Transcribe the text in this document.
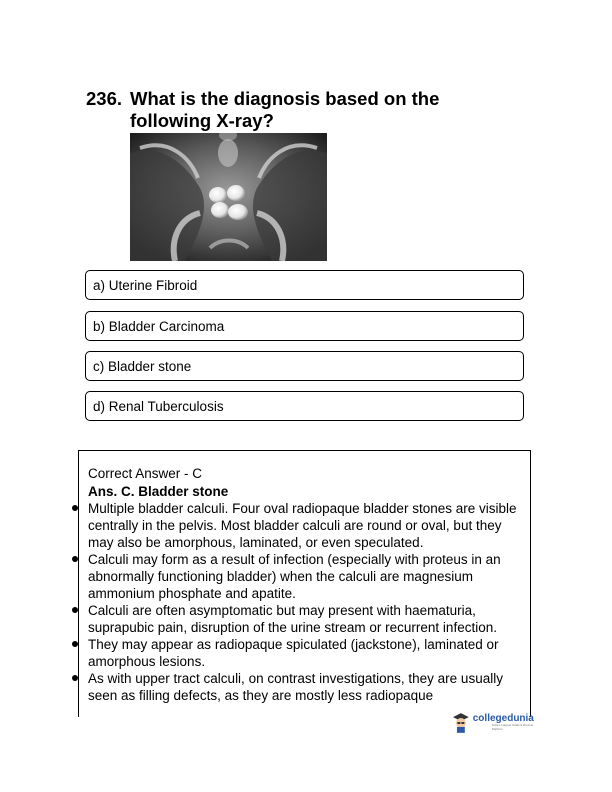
236. What is the diagnosis based on the following X-ray?
a) Uterine Fibroid
b) Bladder Carcinoma
c) Bladder stone
d) Renal Tuberculosis
Correct Answer - C
Ans. C. Bladder stone
Multiple bladder calculi. Four oval radiopaque bladder stones are visible centrally in the pelvis. Most bladder calculi are round or oval, but they may also be amorphous, laminated, or even speculated.
Calculi may form as a result of infection (especially with proteus in an abnormally functioning bladder) when the calculi are magnesium ammonium phosphate and apatite.
Calculi are often asymptomatic but may present with haematuria, suprapubic pain, disruption of the urine stream or recurrent infection.
They may appear as radiopaque spiculated (jackstone), laminated or amorphous lesions.
As with upper tract calculi, on contrast investigations, they are usually seen as filling defects, as they are mostly less radiopaque
collegedunia
India's Largest Student Review Platform
